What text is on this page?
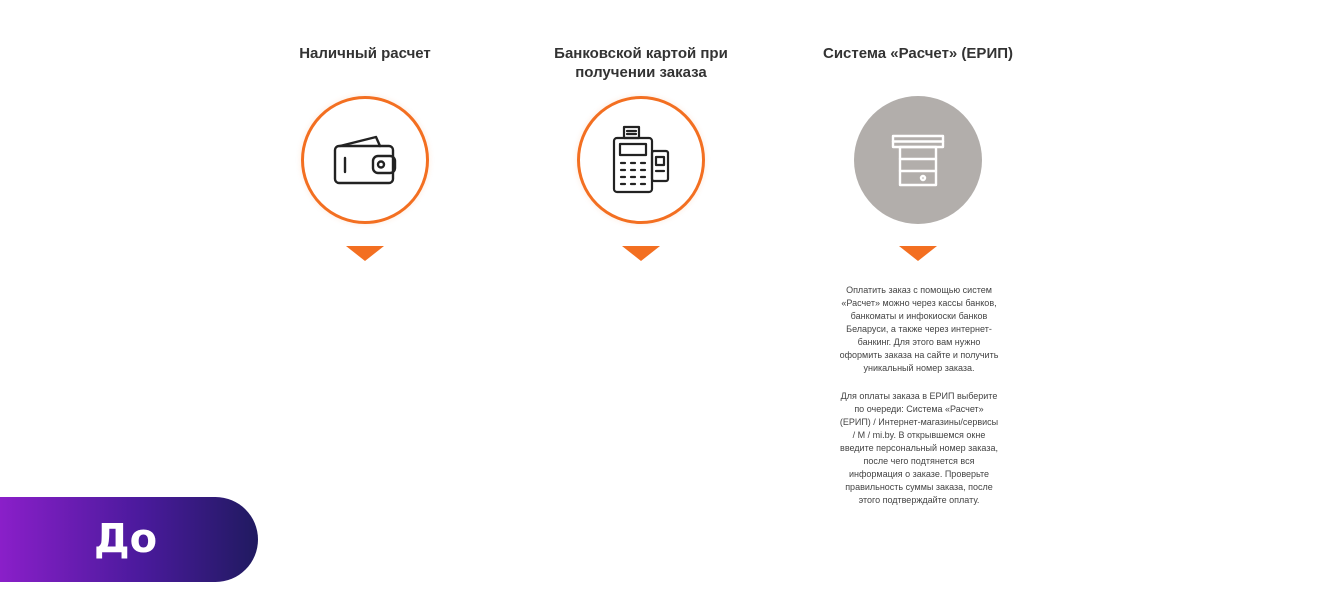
Наличный расчет	Банковской картой при получении заказа
Система «Расчет» (ЕРИП)

Оплатить заказ с помощью систем «Расчет» можно через кассы банков, банкоматы и инфокиоски банков Беларуси, а также через интернет-банкинг. Для этого вам нужно оформить заказа на сайте и получить уникальный номер заказа.

Для оплаты заказа в ЕРИП выберите по очереди: Система «Расчет» (ЕРИП) / Интернет-магазины/сервисы / M / mi.by. В открывшемся окне введите персональный номер заказа, после чего подтянется вся информация о заказе. Проверьте правильность суммы заказа, после этого подтверждайте оплату.

До
